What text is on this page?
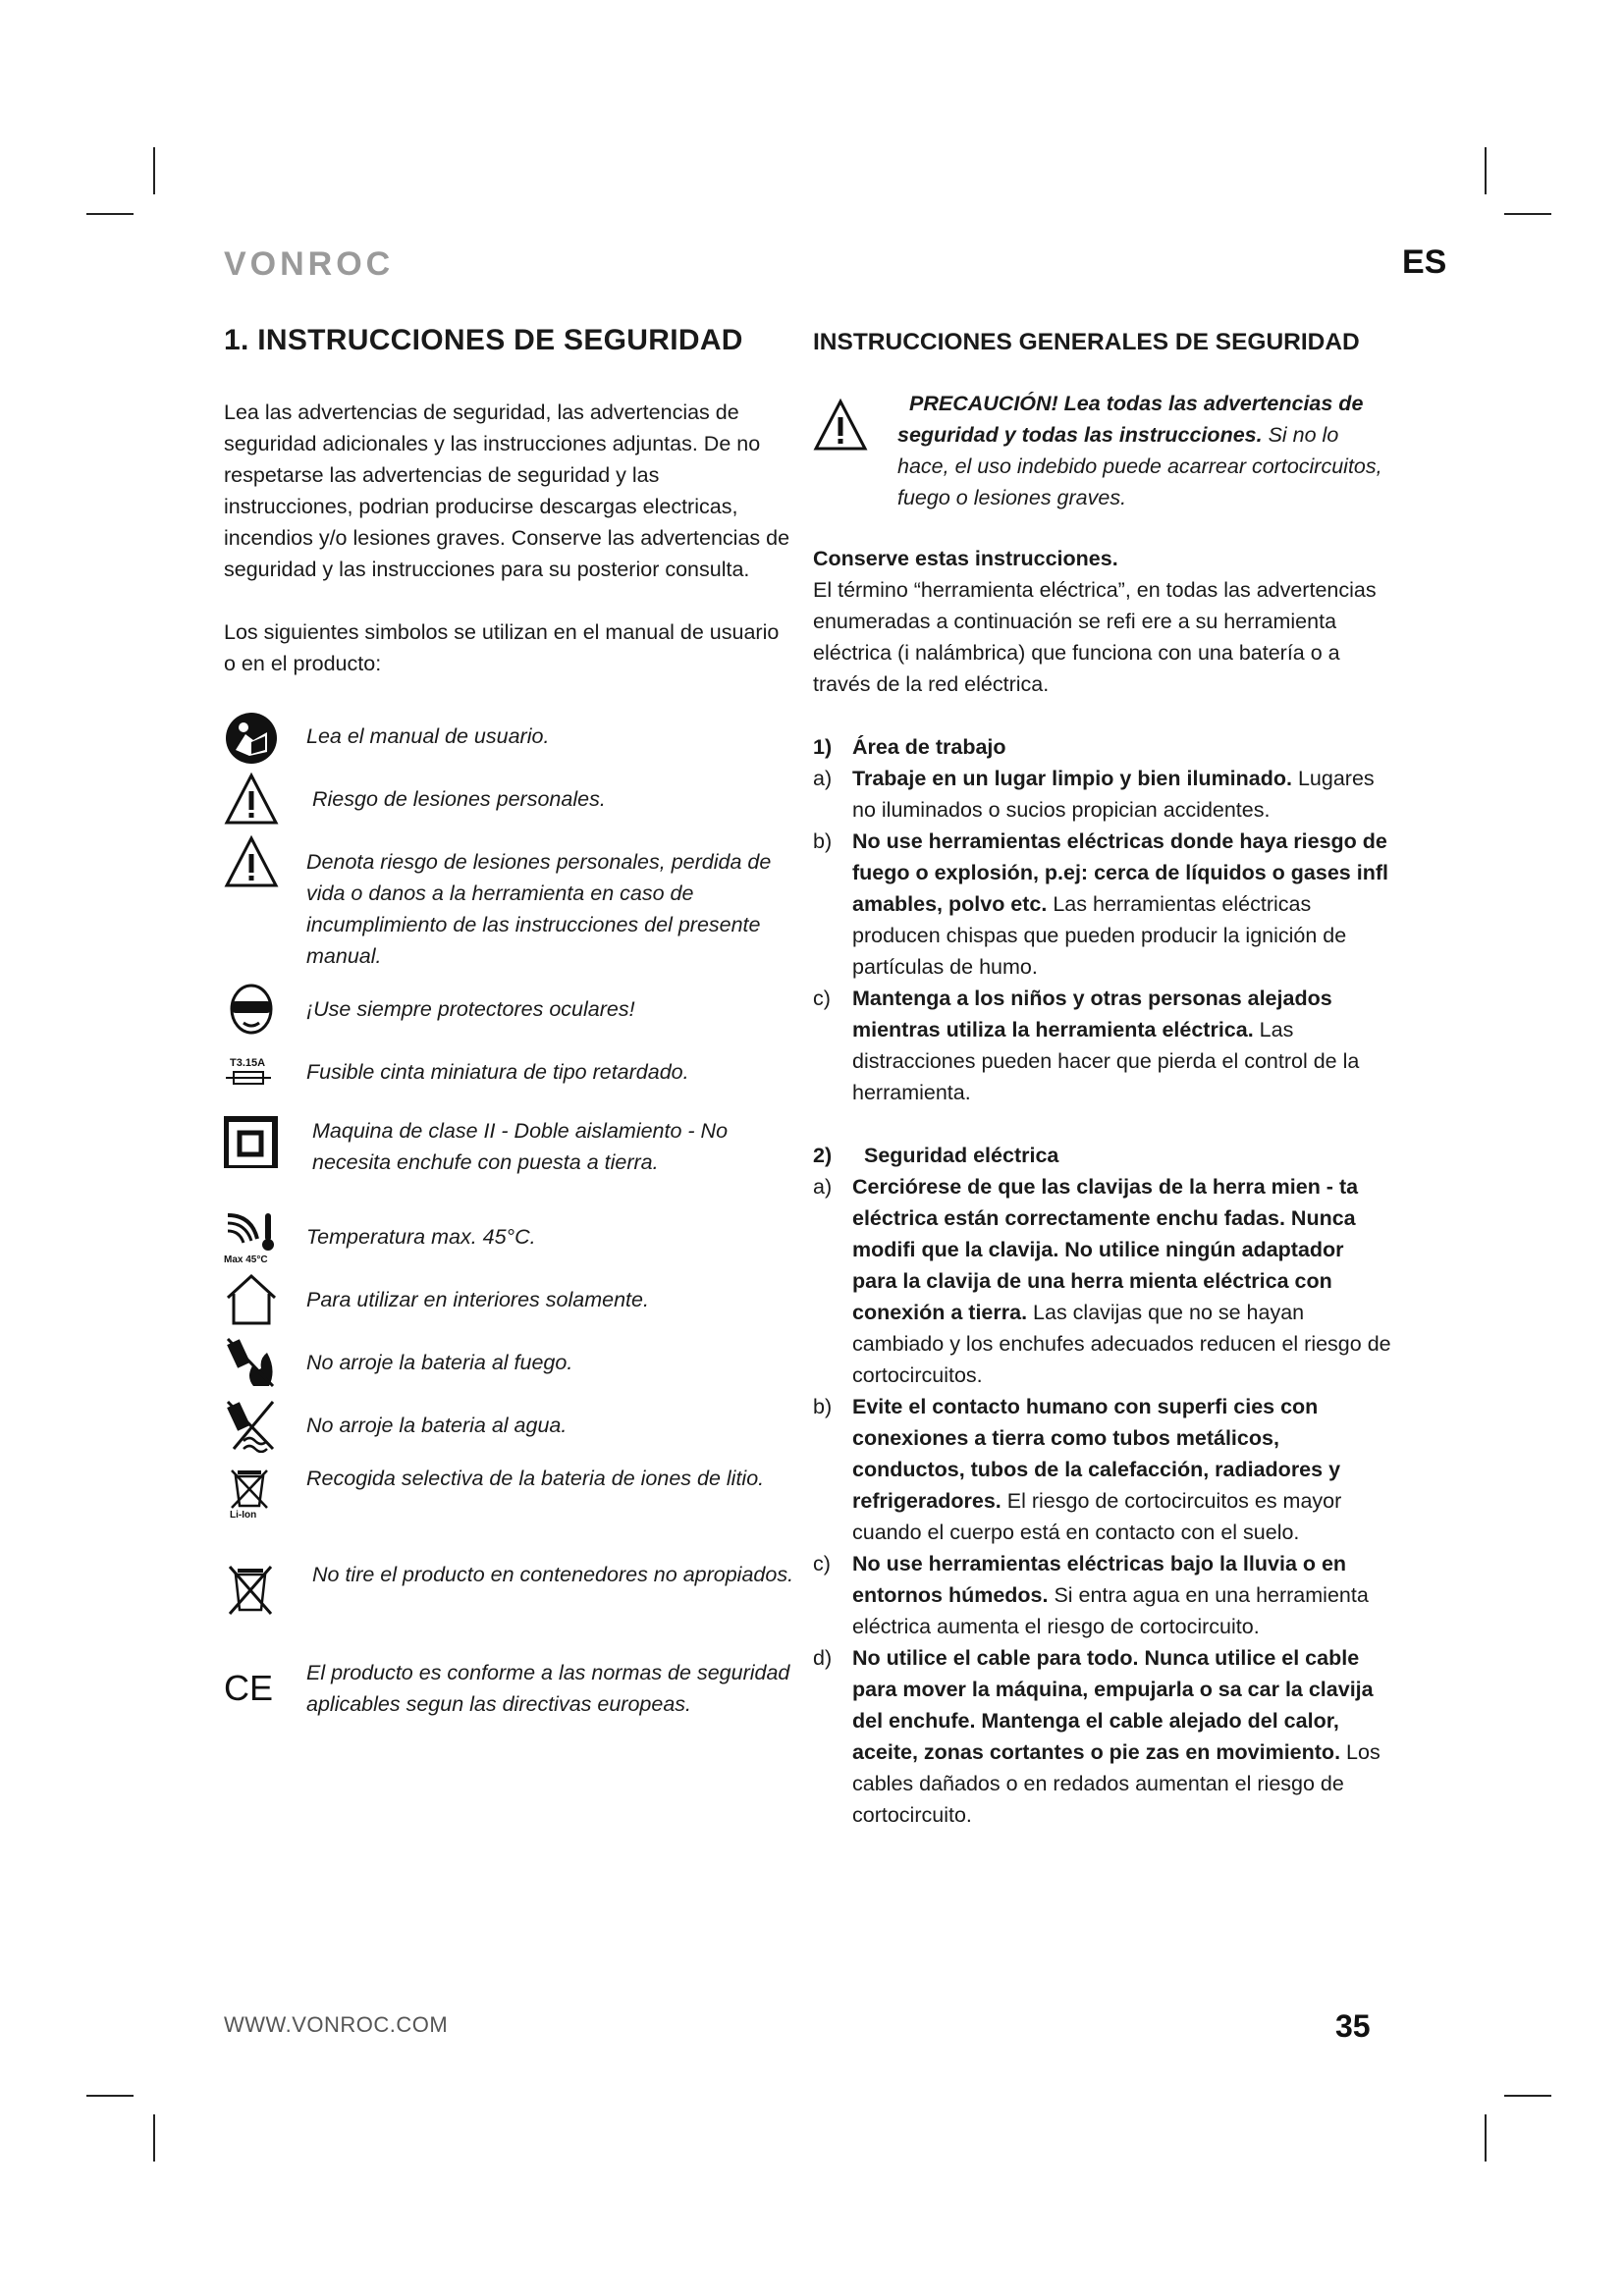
VONROC	ES
1. INSTRUCCIONES DE SEGURIDAD

Lea las advertencias de seguridad, las advertencias de seguridad adicionales y las instrucciones adjuntas. De no respetarse las advertencias de seguridad y las instrucciones, podrian producirse descargas electricas, incendios y/o lesiones graves. Conserve las advertencias de seguridad y las instrucciones para su posterior consulta.

Los siguientes simbolos se utilizan en el manual de usuario o en el producto:

Lea el manual de usuario.
Riesgo de lesiones personales.
Denota riesgo de lesiones personales, perdida de vida o danos a la herramienta en caso de incumplimiento de las instrucciones del presente manual.
¡Use siempre protectores oculares!
T3.15A Fusible cinta miniatura de tipo retardado.
Maquina de clase II - Doble aislamiento - No necesita enchufe con puesta a tierra.
Max 45°C
Temperatura max. 45°C.
Para utilizar en interiores solamente.
No arroje la bateria al fuego.
No arroje la bateria al agua.
Li-Ion
Recogida selectiva de la bateria de iones de litio.
No tire el producto en contenedores no apropiados.
CE El producto es conforme a las normas de seguridad aplicables segun las directivas europeas.
INSTRUCCIONES GENERALES DE SEGURIDAD
PRECAUCIÓN! Lea todas las advertencias de seguridad y todas las instrucciones. Si no lo hace, el uso indebido puede acarrear cortocircuitos, fuego o lesiones graves.

Conserve estas instrucciones.

El término “herramienta eléctrica”, en todas las advertencias enumeradas a continuación se refi ere a su herramienta eléctrica (i nalámbrica) que funciona con una batería o a través de la red eléctrica.

1) Área de trabajo
a) Trabaje en un lugar limpio y bien iluminado. Lugares no iluminados o sucios propician accidentes.
b) No use herramientas eléctricas donde haya riesgo de fuego o explosión, p.ej: cerca de líquidos o gases infl amables, polvo etc. Las herramientas eléctricas producen chispas que pueden producir la ignición de partículas de humo.
c) Mantenga a los niños y otras personas alejados mientras utiliza la herramienta eléctrica. Las distracciones pueden hacer que pierda el control de la herramienta.
2) Seguridad eléctrica
a) Cerciórese de que las clavijas de la herra mien - ta eléctrica están correctamente enchu fadas. Nunca modifi que la clavija. No utilice ningún adaptador para la clavija de una herra mienta eléctrica con conexión a tierra. Las clavijas que no se hayan cambiado y los enchufes adecuados reducen el riesgo de cortocircuitos.
b) Evite el contacto humano con superfi cies con conexiones a tierra como tubos metálicos, conductos, tubos de la calefacción, radiadores y refrigeradores. El riesgo de cortocircuitos es mayor cuando el cuerpo está en contacto con el suelo.
c) No use herramientas eléctricas bajo la lluvia o en entornos húmedos. Si entra agua en una herramienta eléctrica aumenta el riesgo de cortocircuito.
d) No utilice el cable para todo. Nunca utilice el cable para mover la máquina, empujarla o sa car la clavija del enchufe. Mantenga el cable alejado del calor, aceite, zonas cortantes o pie zas en movimiento. Los cables dañados o en redados aumentan el riesgo de cortocircuito.
WWW.VONROC.COM	35
